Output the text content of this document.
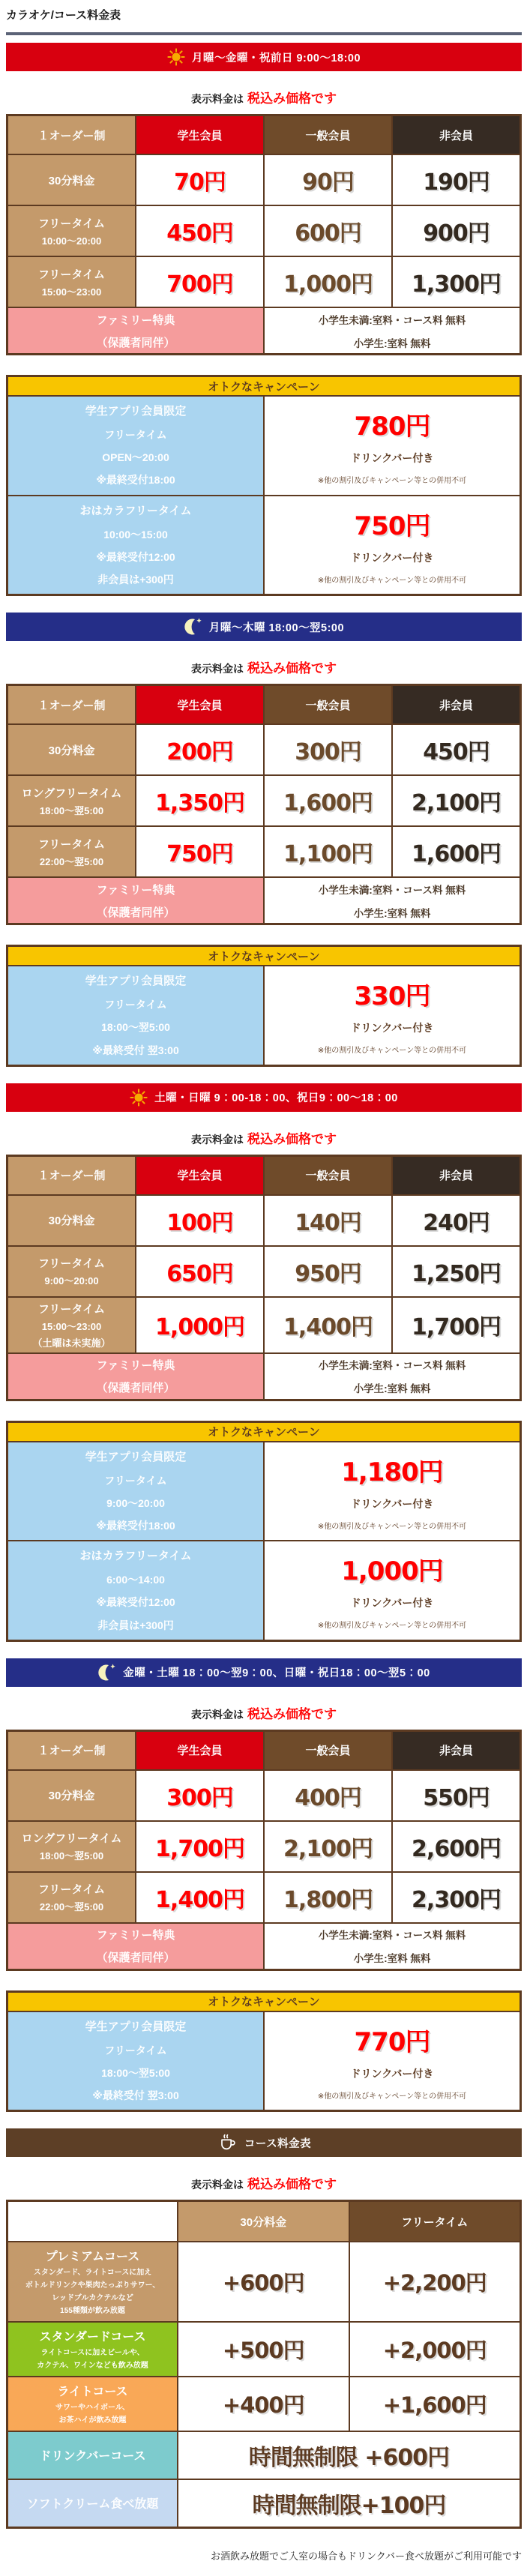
カラオケ/コース料金表
月曜～金曜・祝前日 9:00～18:00
表示料金は 税込み価格です
１オーダー制	学生会員	一般会員	非会員
30分料金	70円	90円	190円
フリータイム
10:00～20:00	450円	600円	900円
フリータイム
15:00～23:00	700円	1,000円	1,300円
ファミリー特典
（保護者同伴）
小学生未満:室料・コース料 無料
小学生:室料 無料
オトクなキャンペーン
学生アプリ会員限定
フリータイム
OPEN～20:00
※最終受付18:00
780円
ドリンクバー付き
※他の割引及びキャンペーン等との併用不可
おはカラフリータイム
10:00～15:00
※最終受付12:00
非会員は+300円
750円
ドリンクバー付き
※他の割引及びキャンペーン等との併用不可
月曜～木曜 18:00～翌5:00
表示料金は 税込み価格です
１オーダー制	学生会員	一般会員	非会員
30分料金	200円	300円	450円
ロングフリータイム
18:00～翌5:00	1,350円	1,600円	2,100円
フリータイム
22:00～翌5:00	750円	1,100円	1,600円
ファミリー特典
（保護者同伴）
小学生未満:室料・コース料 無料
小学生:室料 無料
オトクなキャンペーン
学生アプリ会員限定
フリータイム
18:00～翌5:00
※最終受付 翌3:00
330円
ドリンクバー付き
※他の割引及びキャンペーン等との併用不可
土曜・日曜 9：00-18：00、祝日9：00～18：00
表示料金は 税込み価格です
１オーダー制	学生会員	一般会員	非会員
30分料金	100円	140円	240円
フリータイム
9:00～20:00	650円	950円	1,250円
フリータイム
15:00～23:00
（土曜は未実施）
1,000円	1,400円	1,700円
ファミリー特典
（保護者同伴）
小学生未満:室料・コース料 無料
小学生:室料 無料
オトクなキャンペーン
学生アプリ会員限定
フリータイム
9:00～20:00
※最終受付18:00
1,180円
ドリンクバー付き
※他の割引及びキャンペーン等との併用不可
おはカラフリータイム
6:00～14:00
※最終受付12:00
非会員は+300円
1,000円
ドリンクバー付き
※他の割引及びキャンペーン等との併用不可
金曜・土曜 18：00～翌9：00、日曜・祝日18：00～翌5：00
表示料金は 税込み価格です
１オーダー制	学生会員	一般会員	非会員
30分料金	300円	400円	550円
ロングフリータイム
18:00～翌5:00	1,700円	2,100円	2,600円
フリータイム
22:00～翌5:00	1,400円	1,800円	2,300円
ファミリー特典
（保護者同伴）
小学生未満:室料・コース料 無料
小学生:室料 無料
オトクなキャンペーン
学生アプリ会員限定
フリータイム
18:00～翌5:00
※最終受付 翌3:00
770円
ドリンクバー付き
※他の割引及びキャンペーン等との併用不可
コース料金表
表示料金は 税込み価格です
30分料金	フリータイム
プレミアムコース
スタンダード、ライトコースに加え
ボトルドリンクや果肉たっぷりサワー、
レッドブルカクテルなど
155種類が飲み放題
+600円	+2,200円
スタンダードコース
ライトコースに加えビールや、
カクテル、ワインなども飲み放題
+500円	+2,000円
ライトコース
サワーやハイボール、
お茶ハイが飲み放題
+400円	+1,600円
ドリンクバーコース	時間無制限 +600円
ソフトクリーム食べ放題	時間無制限+100円
お酒飲み放題でご入室の場合もドリンクバー食べ放題がご利用可能です
